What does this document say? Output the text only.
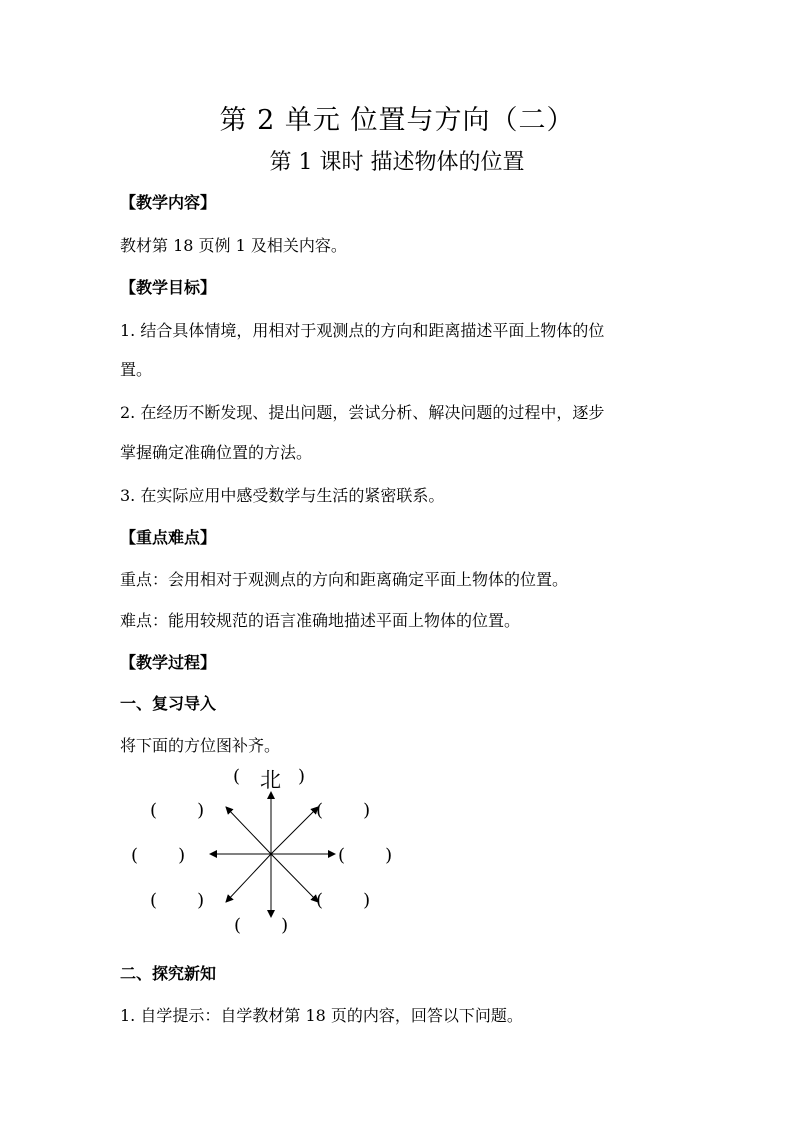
第 2 单元 位置与方向（二）
第 1 课时 描述物体的位置
【教学内容】
教材第 18 页例 1 及相关内容。
【教学目标】
1. 结合具体情境，用相对于观测点的方向和距离描述平面上物体的位
置。
2. 在经历不断发现、提出问题，尝试分析、解决问题的过程中，逐步
掌握确定准确位置的方法。
3. 在实际应用中感受数学与生活的紧密联系。
【重点难点】
重点：会用相对于观测点的方向和距离确定平面上物体的位置。
难点：能用较规范的语言准确地描述平面上物体的位置。
【教学过程】
一、复习导入
将下面的方位图补齐。
( 北 )
(       )	(       )
(       )	(       )
(       )	(       )
(       )
二、探究新知
1. 自学提示：自学教材第 18 页的内容，回答以下问题。
